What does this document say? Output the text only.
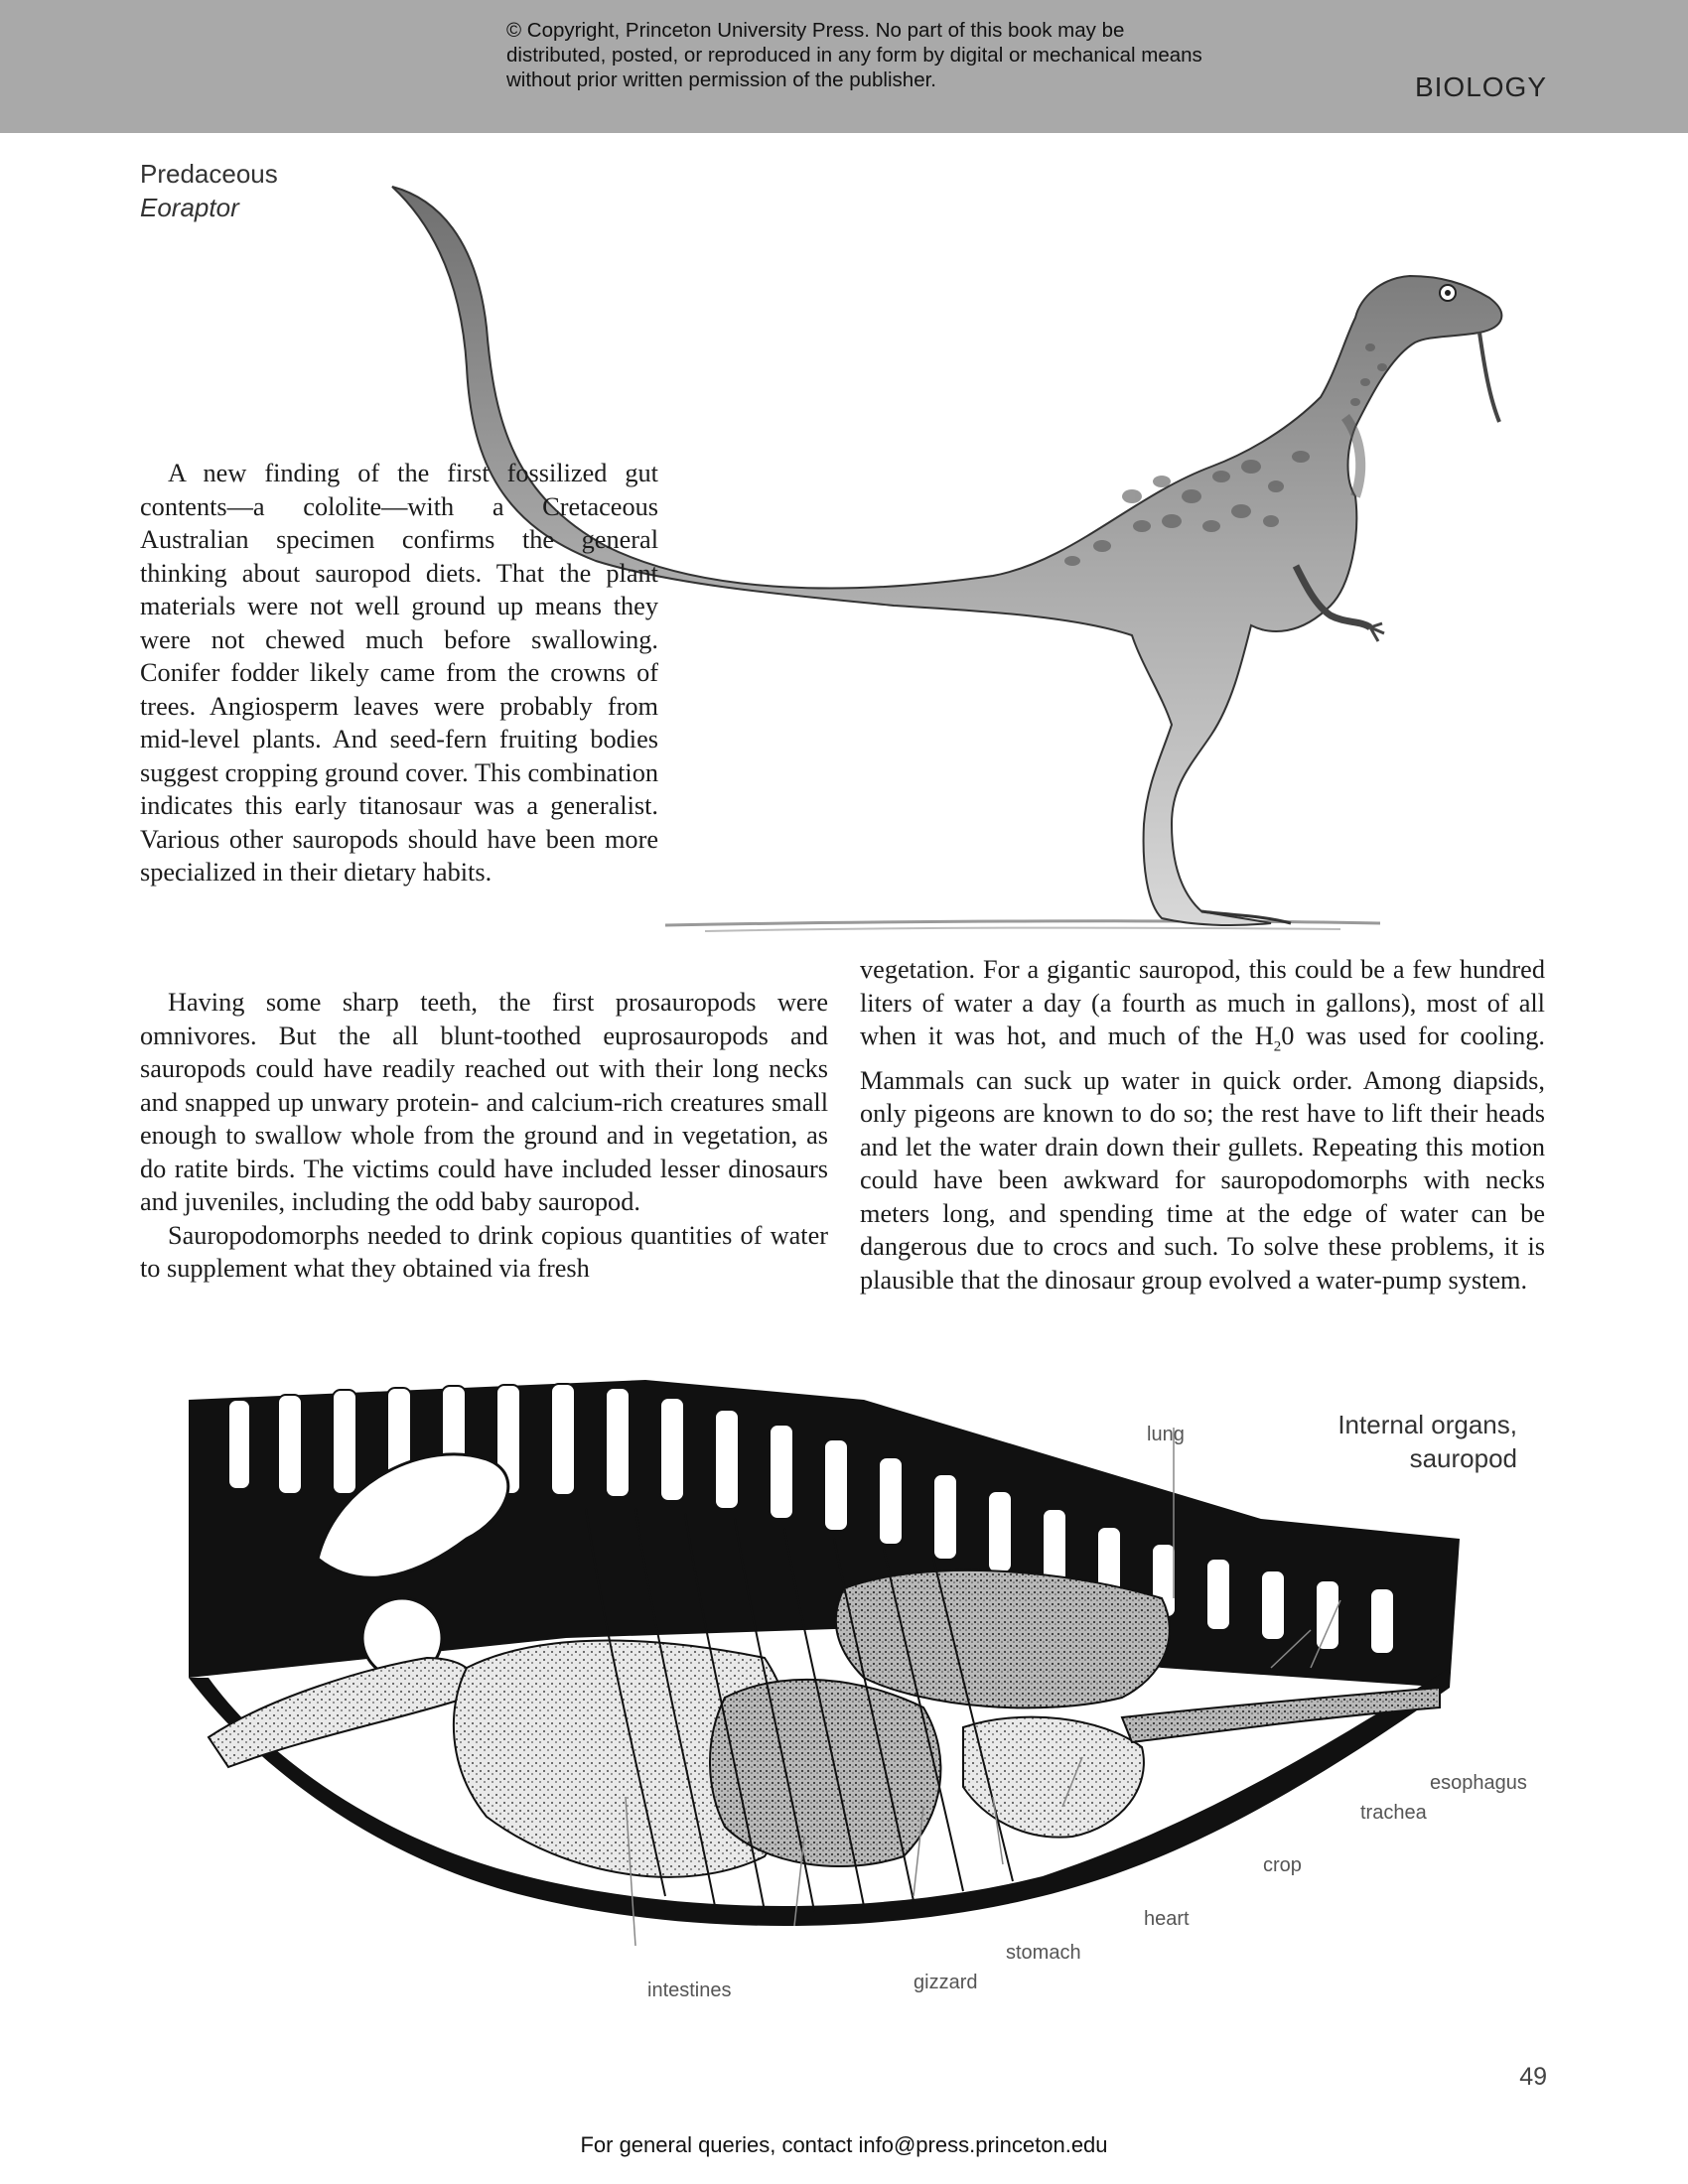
© Copyright, Princeton University Press. No part of this book may be distributed, posted, or reproduced in any form by digital or mechanical means without prior written permission of the publisher.	BIOLOGY
Predaceous
Eoraptor

A new finding of the first fossilized gut contents—a cololite—with a Cretaceous Australian specimen confirms the general thinking about sauropod diets. That the plant materials were not well ground up means they were not chewed much before swallowing. Conifer fodder likely came from the crowns of trees. Angiosperm leaves were probably from mid-level plants. And seed-fern fruiting bodies suggest cropping ground cover. This combination indicates this early titanosaur was a generalist. Various other sauropods should have been more specialized in their dietary habits.

Having some sharp teeth, the first prosauropods were omnivores. But the all blunt-toothed euprosauropods and sauropods could have readily reached out with their long necks and snapped up unwary protein- and calcium-rich creatures small enough to swallow whole from the ground and in vegetation, as do ratite birds. The victims could have included lesser dinosaurs and juveniles, including the odd baby sauropod.

Sauropodomorphs needed to drink copious quantities of water to supplement what they obtained via fresh

vegetation. For a gigantic sauropod, this could be a few hundred liters of water a day (a fourth as much in gallons), most of all when it was hot, and much of the $H_20$ was used for cooling. Mammals can suck up water in quick order. Among diapsids, only pigeons are known to do so; the rest have to lift their heads and let the water drain down their gullets. Repeating this motion could have been awkward for sauropodomorphs with necks meters long, and spending time at the edge of water can be dangerous due to crocs and such. To solve these problems, it is plausible that the dinosaur group evolved a water-pump system.

Internal organs,
sauropod
lung
esophagus
trachea
crop
heart
stomach
gizzard
intestines
49
For general queries, contact info@press.princeton.edu
